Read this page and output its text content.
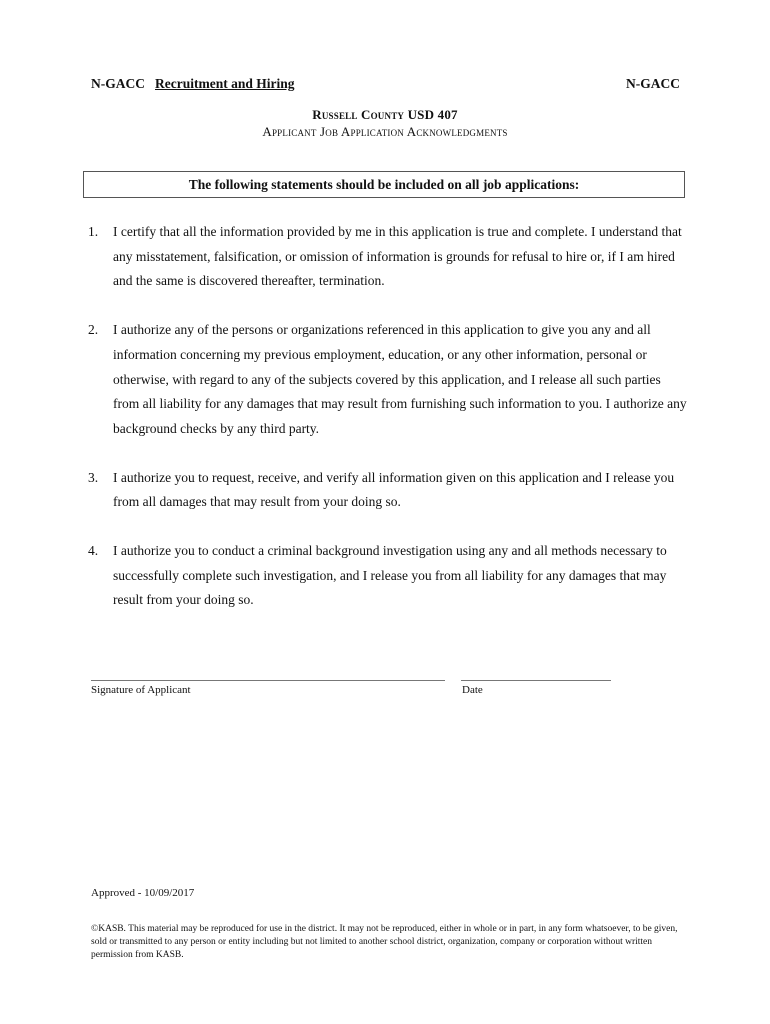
N-GACC Recruitment and Hiring	N-GACC
Russell County USD 407
Applicant Job Application Acknowledgments
The following statements should be included on all job applications:
1. I certify that all the information provided by me in this application is true and complete. I understand that any misstatement, falsification, or omission of information is grounds for refusal to hire or, if I am hired and the same is discovered thereafter, termination.
2. I authorize any of the persons or organizations referenced in this application to give you any and all information concerning my previous employment, education, or any other information, personal or otherwise, with regard to any of the subjects covered by this application, and I release all such parties from all liability for any damages that may result from furnishing such information to you. I authorize any background checks by any third party.
3. I authorize you to request, receive, and verify all information given on this application and I release you from all damages that may result from your doing so.
4. I authorize you to conduct a criminal background investigation using any and all methods necessary to successfully complete such investigation, and I release you from all liability for any damages that may result from your doing so.
Signature of Applicant	Date
Approved - 10/09/2017
©KASB. This material may be reproduced for use in the district. It may not be reproduced, either in whole or in part, in any form whatsoever, to be given, sold or transmitted to any person or entity including but not limited to another school district, organization, company or corporation without written permission from KASB.
